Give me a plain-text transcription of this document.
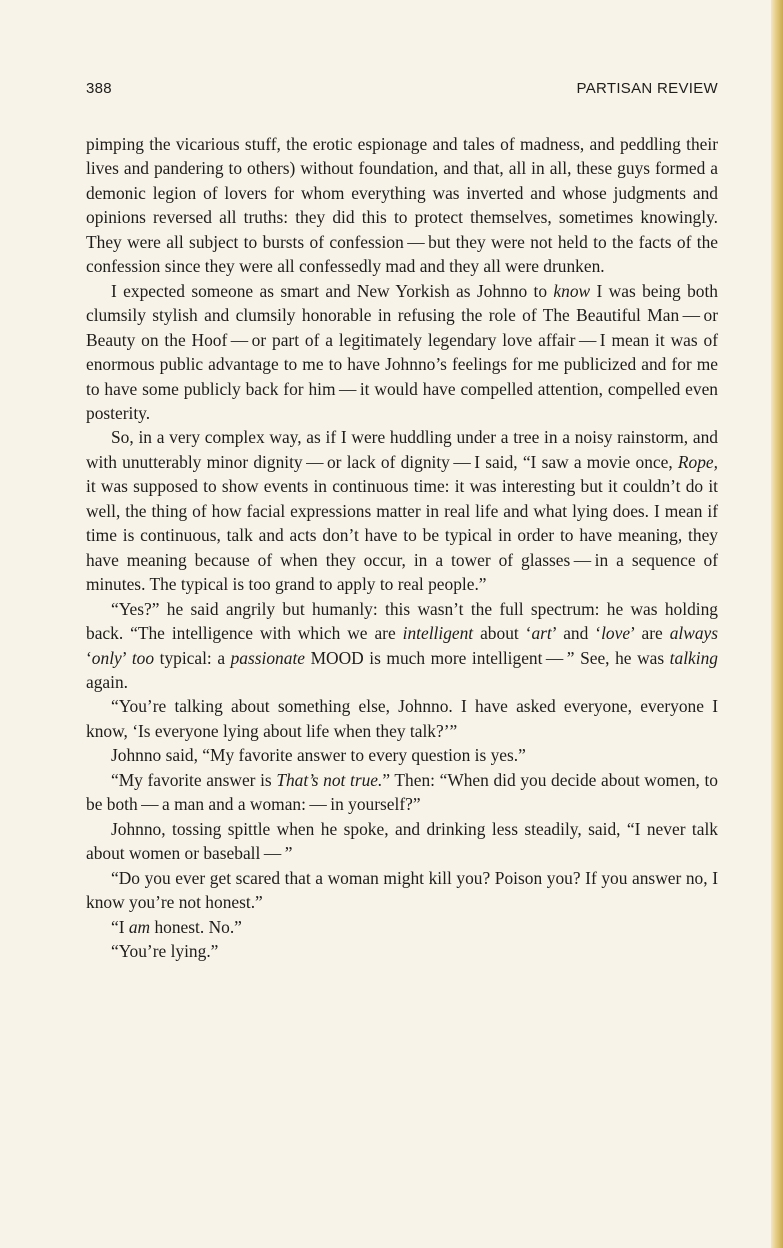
388	PARTISAN REVIEW

pimping the vicarious stuff, the erotic espionage and tales of madness, and peddling their lives and pandering to others) without foundation, and that, all in all, these guys formed a demonic legion of lovers for whom everything was inverted and whose judgments and opinions reversed all truths: they did this to protect themselves, sometimes knowingly. They were all subject to bursts of confession — but they were not held to the facts of the confession since they were all confessedly mad and they all were drunken.

I expected someone as smart and New Yorkish as Johnno to know I was being both clumsily stylish and clumsily honorable in refusing the role of The Beautiful Man — or Beauty on the Hoof — or part of a legitimately legendary love affair — I mean it was of enormous public advantage to me to have Johnno’s feelings for me publicized and for me to have some publicly back for him — it would have compelled attention, compelled even posterity.

So, in a very complex way, as if I were huddling under a tree in a noisy rainstorm, and with unutterably minor dignity — or lack of dignity — I said, “I saw a movie once, Rope, it was supposed to show events in continuous time: it was interesting but it couldn’t do it well, the thing of how facial expressions matter in real life and what lying does. I mean if time is continuous, talk and acts don’t have to be typical in order to have meaning, they have meaning because of when they occur, in a tower of glasses — in a sequence of minutes. The typical is too grand to apply to real people.”

“Yes?” he said angrily but humanly: this wasn’t the full spectrum: he was holding back. “The intelligence with which we are intelligent about ‘art’ and ‘love’ are always ‘only’ too typical: a passionate MOOD is much more intelligent — ” See, he was talking again.

“You’re talking about something else, Johnno. I have asked everyone, everyone I know, ‘Is everyone lying about life when they talk?’”

Johnno said, “My favorite answer to every question is yes.”

“My favorite answer is That’s not true.” Then: “When did you decide about women, to be both — a man and a woman: — in yourself?”

Johnno, tossing spittle when he spoke, and drinking less steadily, said, “I never talk about women or baseball — ”

“Do you ever get scared that a woman might kill you? Poison you? If you answer no, I know you’re not honest.”

“I am honest. No.”

“You’re lying.”
